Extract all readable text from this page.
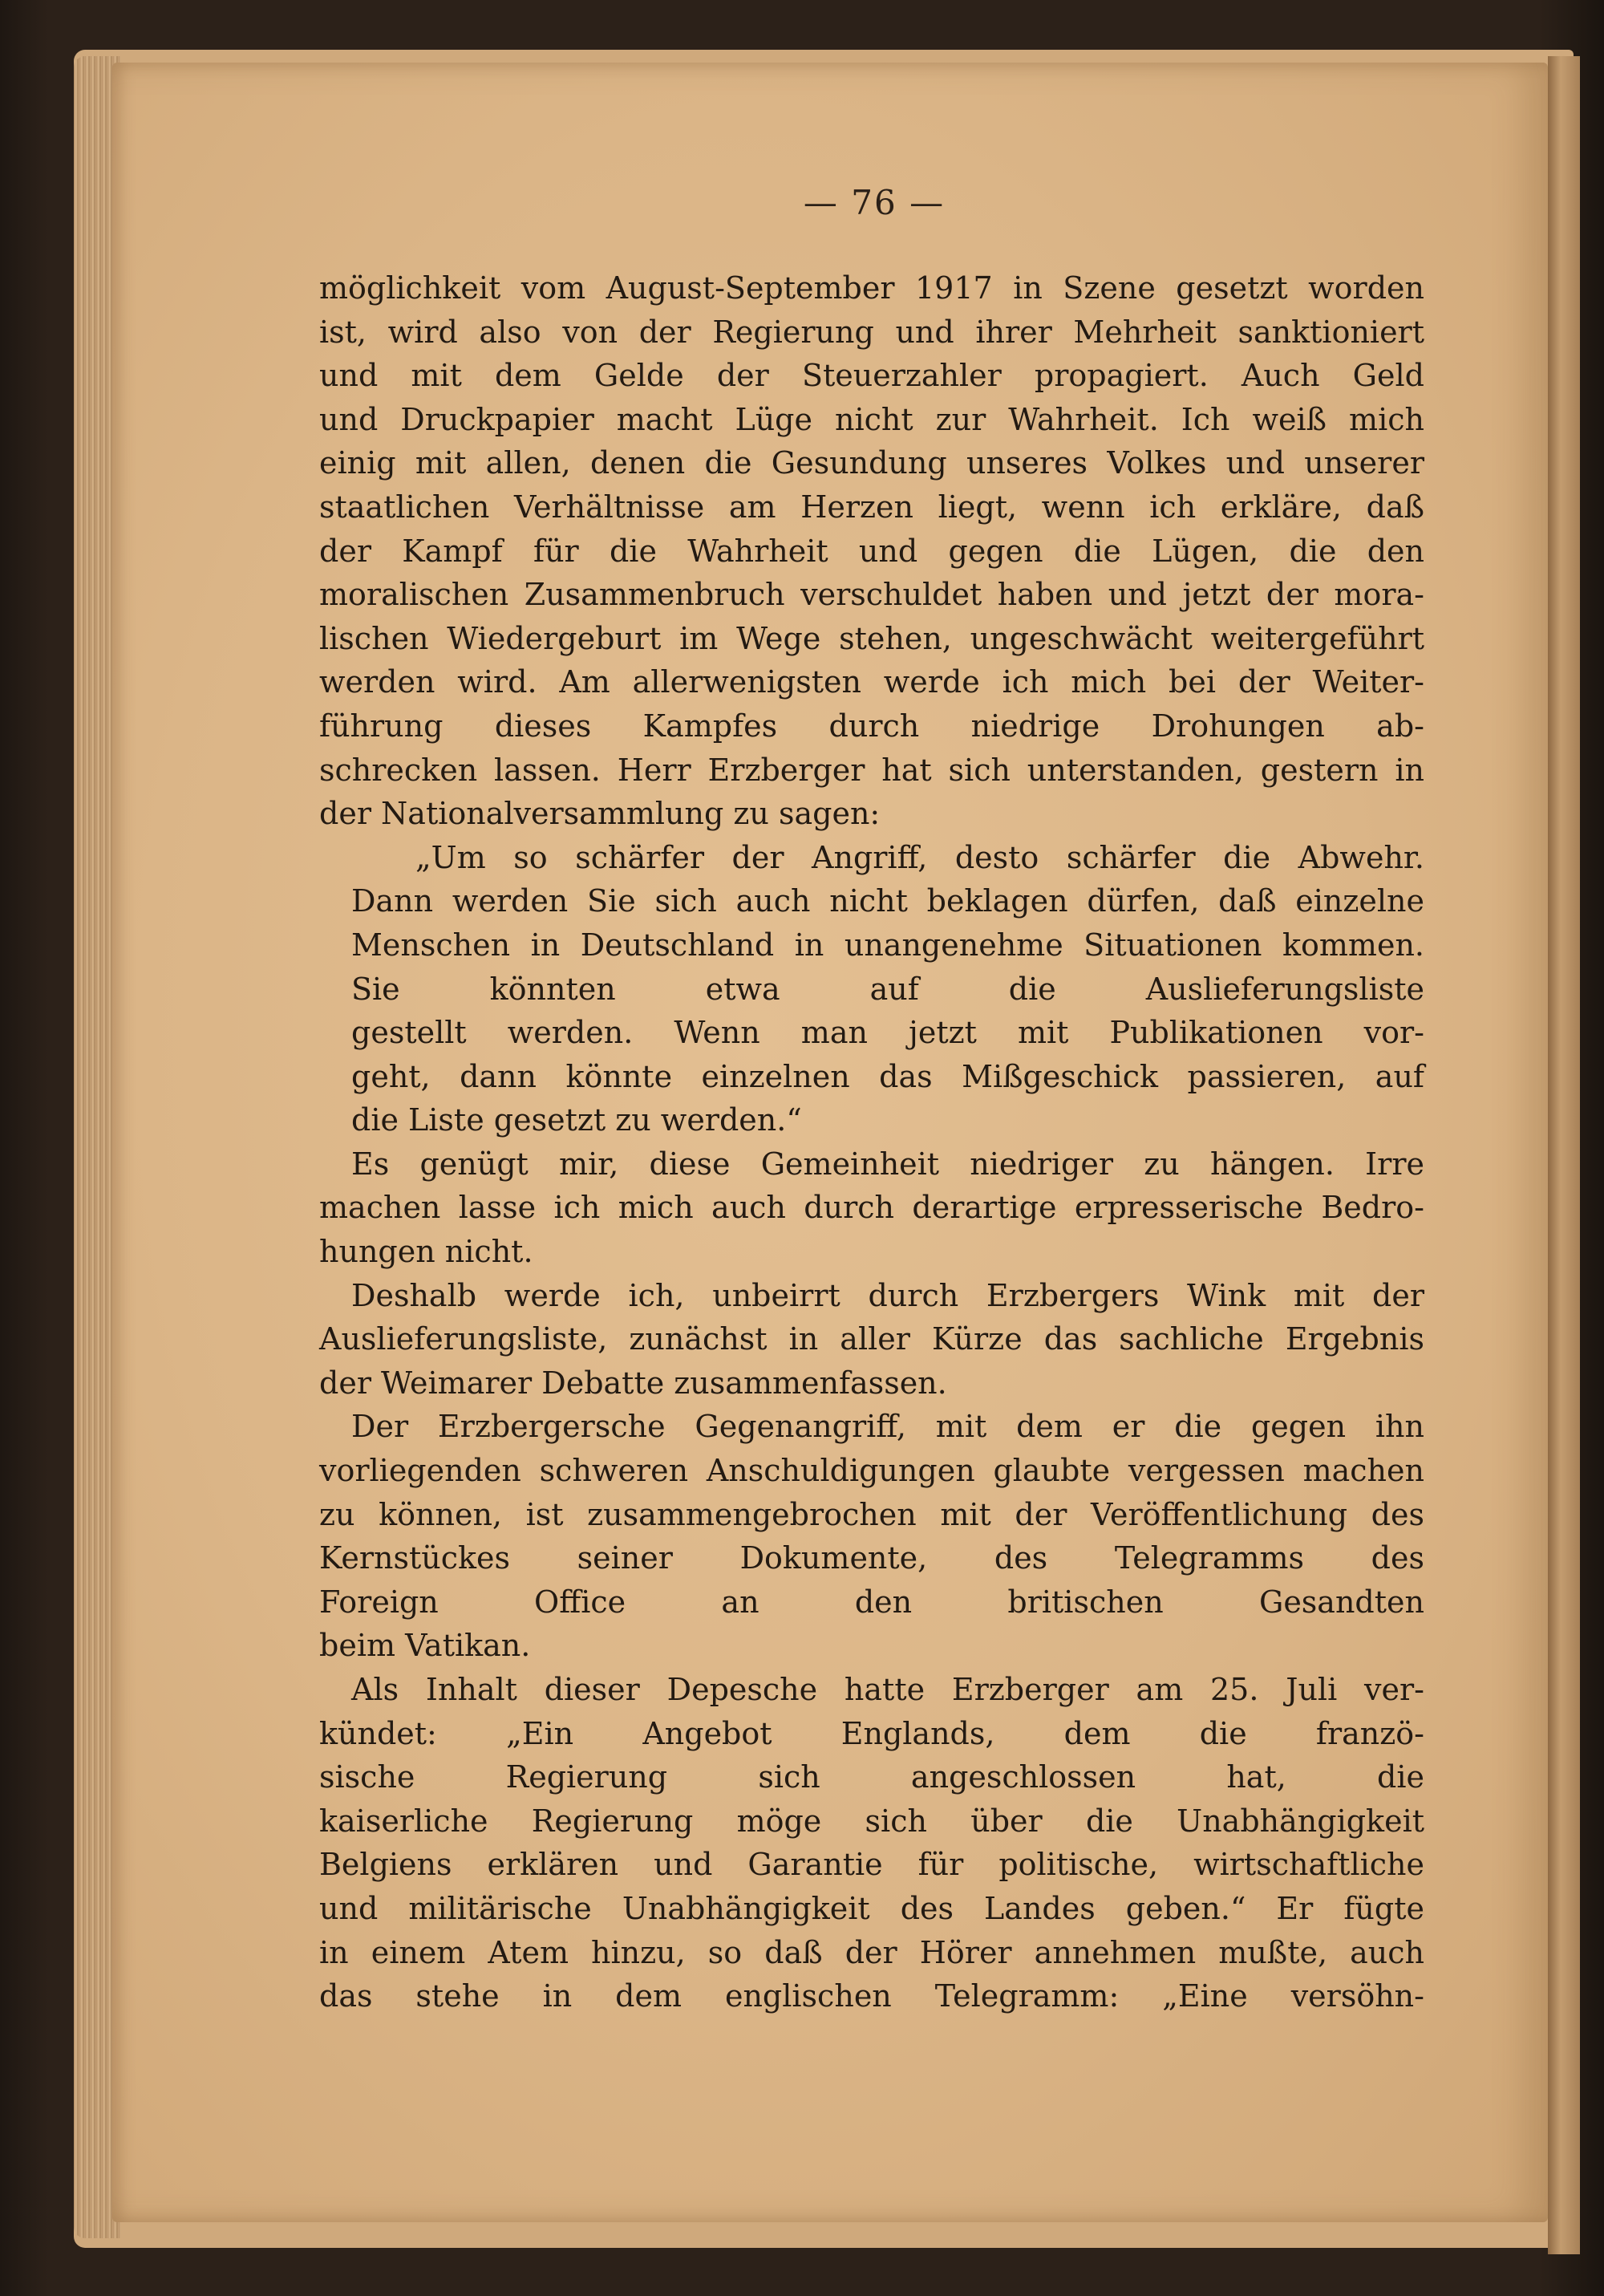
— 76 —
möglichkeit vom August-September 1917 in Szene gesetzt worden
ist, wird also von der Regierung und ihrer Mehrheit sanktioniert
und mit dem Gelde der Steuerzahler propagiert. Auch Geld
und Druckpapier macht Lüge nicht zur Wahrheit. Ich weiß mich
einig mit allen, denen die Gesundung unseres Volkes und unserer
staatlichen Verhältnisse am Herzen liegt, wenn ich erkläre, daß
der Kampf für die Wahrheit und gegen die Lügen, die den
moralischen Zusammenbruch verschuldet haben und jetzt der mora-
lischen Wiedergeburt im Wege stehen, ungeschwächt weitergeführt
werden wird. Am allerwenigsten werde ich mich bei der Weiter-
führung dieses Kampfes durch niedrige Drohungen ab-
schrecken lassen. Herr Erzberger hat sich unterstanden, gestern in
der Nationalversammlung zu sagen:
„Um so schärfer der Angriff, desto schärfer die Abwehr.
Dann werden Sie sich auch nicht beklagen dürfen, daß einzelne
Menschen in Deutschland in unangenehme Situationen kommen.
Sie könnten etwa auf die Auslieferungsliste
gestellt werden. Wenn man jetzt mit Publikationen vor-
geht, dann könnte einzelnen das Mißgeschick passieren, auf
die Liste gesetzt zu werden.“
Es genügt mir, diese Gemeinheit niedriger zu hängen. Irre
machen lasse ich mich auch durch derartige erpresserische Bedro-
hungen nicht.
Deshalb werde ich, unbeirrt durch Erzbergers Wink mit der
Auslieferungsliste, zunächst in aller Kürze das sachliche Ergebnis
der Weimarer Debatte zusammenfassen.
Der Erzbergersche Gegenangriff, mit dem er die gegen ihn
vorliegenden schweren Anschuldigungen glaubte vergessen machen
zu können, ist zusammengebrochen mit der Veröffentlichung des
Kernstückes seiner Dokumente, des Telegramms des
Foreign Office an den britischen Gesandten
beim Vatikan.
Als Inhalt dieser Depesche hatte Erzberger am 25. Juli ver-
kündet: „Ein Angebot Englands, dem die franzö-
sische Regierung sich angeschlossen hat, die
kaiserliche Regierung möge sich über die Unabhängigkeit
Belgiens erklären und Garantie für politische, wirtschaftliche
und militärische Unabhängigkeit des Landes geben.“ Er fügte
in einem Atem hinzu, so daß der Hörer annehmen mußte, auch
das stehe in dem englischen Telegramm: „Eine versöhn-
